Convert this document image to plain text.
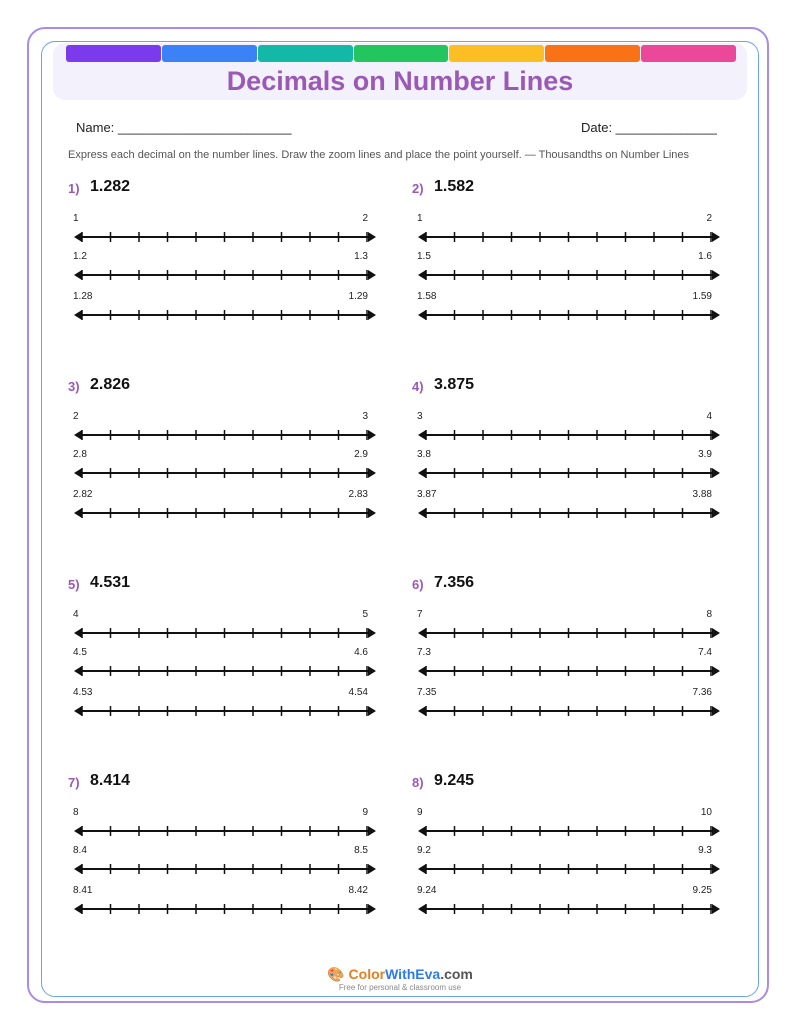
Decimals on Number Lines
Name: ________________________	Date: ______________
Express each decimal on the number lines. Draw the zoom lines and place the point yourself. — Thousandths on Number Lines
1) 1.282
1	2
1.2	1.3
1.28	1.29
2) 1.582
1	2
1.5	1.6
1.58	1.59
3) 2.826
2	3
2.8	2.9
2.82	2.83
4) 3.875
3	4
3.8	3.9
3.87	3.88
5) 4.531
4	5
4.5	4.6
4.53	4.54
6) 7.356
7	8
7.3	7.4
7.35	7.36
7) 8.414
8	9
8.4	8.5
8.41	8.42
8) 9.245
9	10
9.2	9.3
9.24	9.25
🎨 ColorWithEva.com
Free for personal & classroom use
